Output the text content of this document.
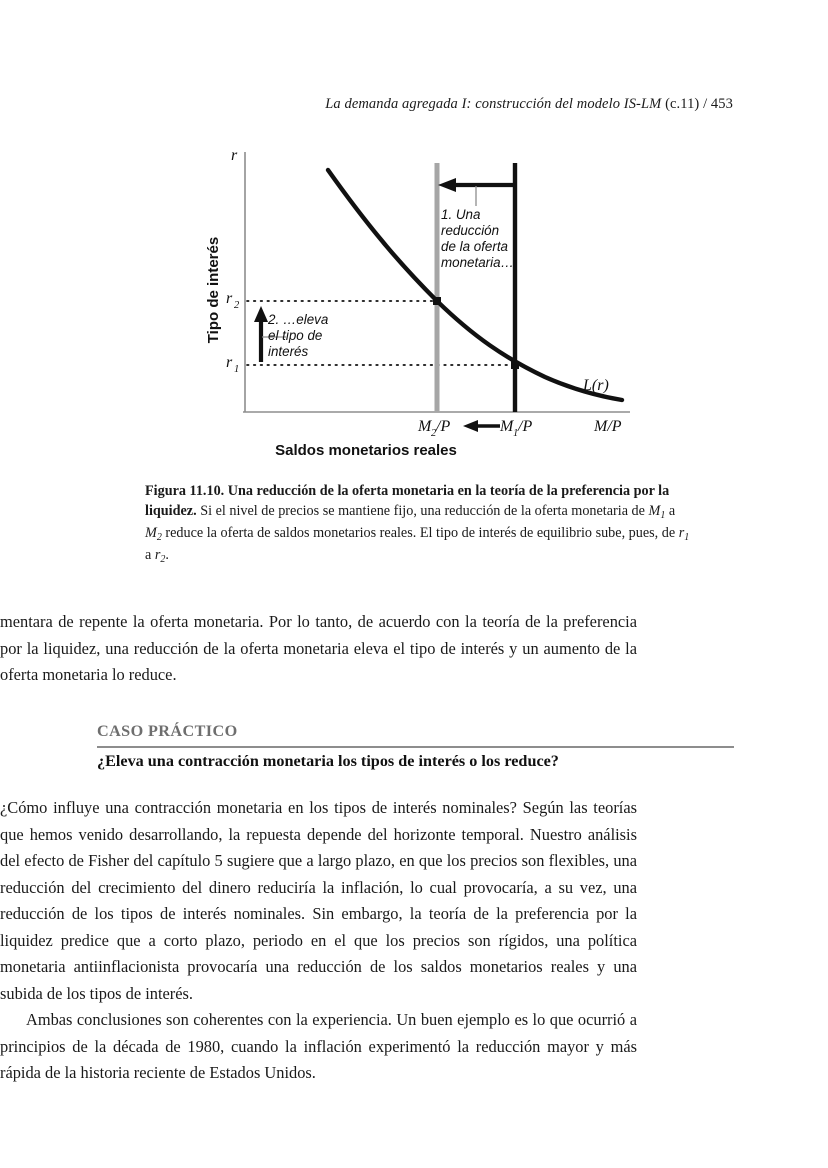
La demanda agregada I: construcción del modelo IS-LM (c.11) / 453
1. Una
reducción
de la oferta
monetaria…
2. …eleva
el tipo de
interés
r
r 2
r 1
L(r)
M 2 /P	M 1 /P	M/P
Saldos monetarios reales
Tipo de interés
Figura 11.10. Una reducción de la oferta monetaria en la teoría de la preferencia por la liquidez. Si el nivel de precios se mantiene fijo, una reducción de la oferta monetaria de $M_1$ a $M_2$ reduce la oferta de saldos monetarios reales. El tipo de interés de equilibrio sube, pues, de $r_1$ a $r_2$.

mentara de repente la oferta monetaria. Por lo tanto, de acuerdo con la teoría de la preferencia por la liquidez, una reducción de la oferta monetaria eleva el tipo de interés y un aumento de la oferta monetaria lo reduce.

CASO PRÁCTICO
¿Eleva una contracción monetaria los tipos de interés o los reduce?

¿Cómo influye una contracción monetaria en los tipos de interés nominales? Según las teorías que hemos venido desarrollando, la repuesta depende del horizonte temporal. Nuestro análisis del efecto de Fisher del capítulo 5 sugiere que a largo plazo, en que los precios son flexibles, una reducción del crecimiento del dinero reduciría la inflación, lo cual provocaría, a su vez, una reducción de los tipos de interés nominales. Sin embargo, la teoría de la preferencia por la liquidez predice que a corto plazo, periodo en el que los precios son rígidos, una política monetaria antiinflacionista provocaría una reducción de los saldos monetarios reales y una subida de los tipos de interés.

Ambas conclusiones son coherentes con la experiencia. Un buen ejemplo es lo que ocurrió a principios de la década de 1980, cuando la inflación experimentó la reducción mayor y más rápida de la historia reciente de Estados Unidos.
